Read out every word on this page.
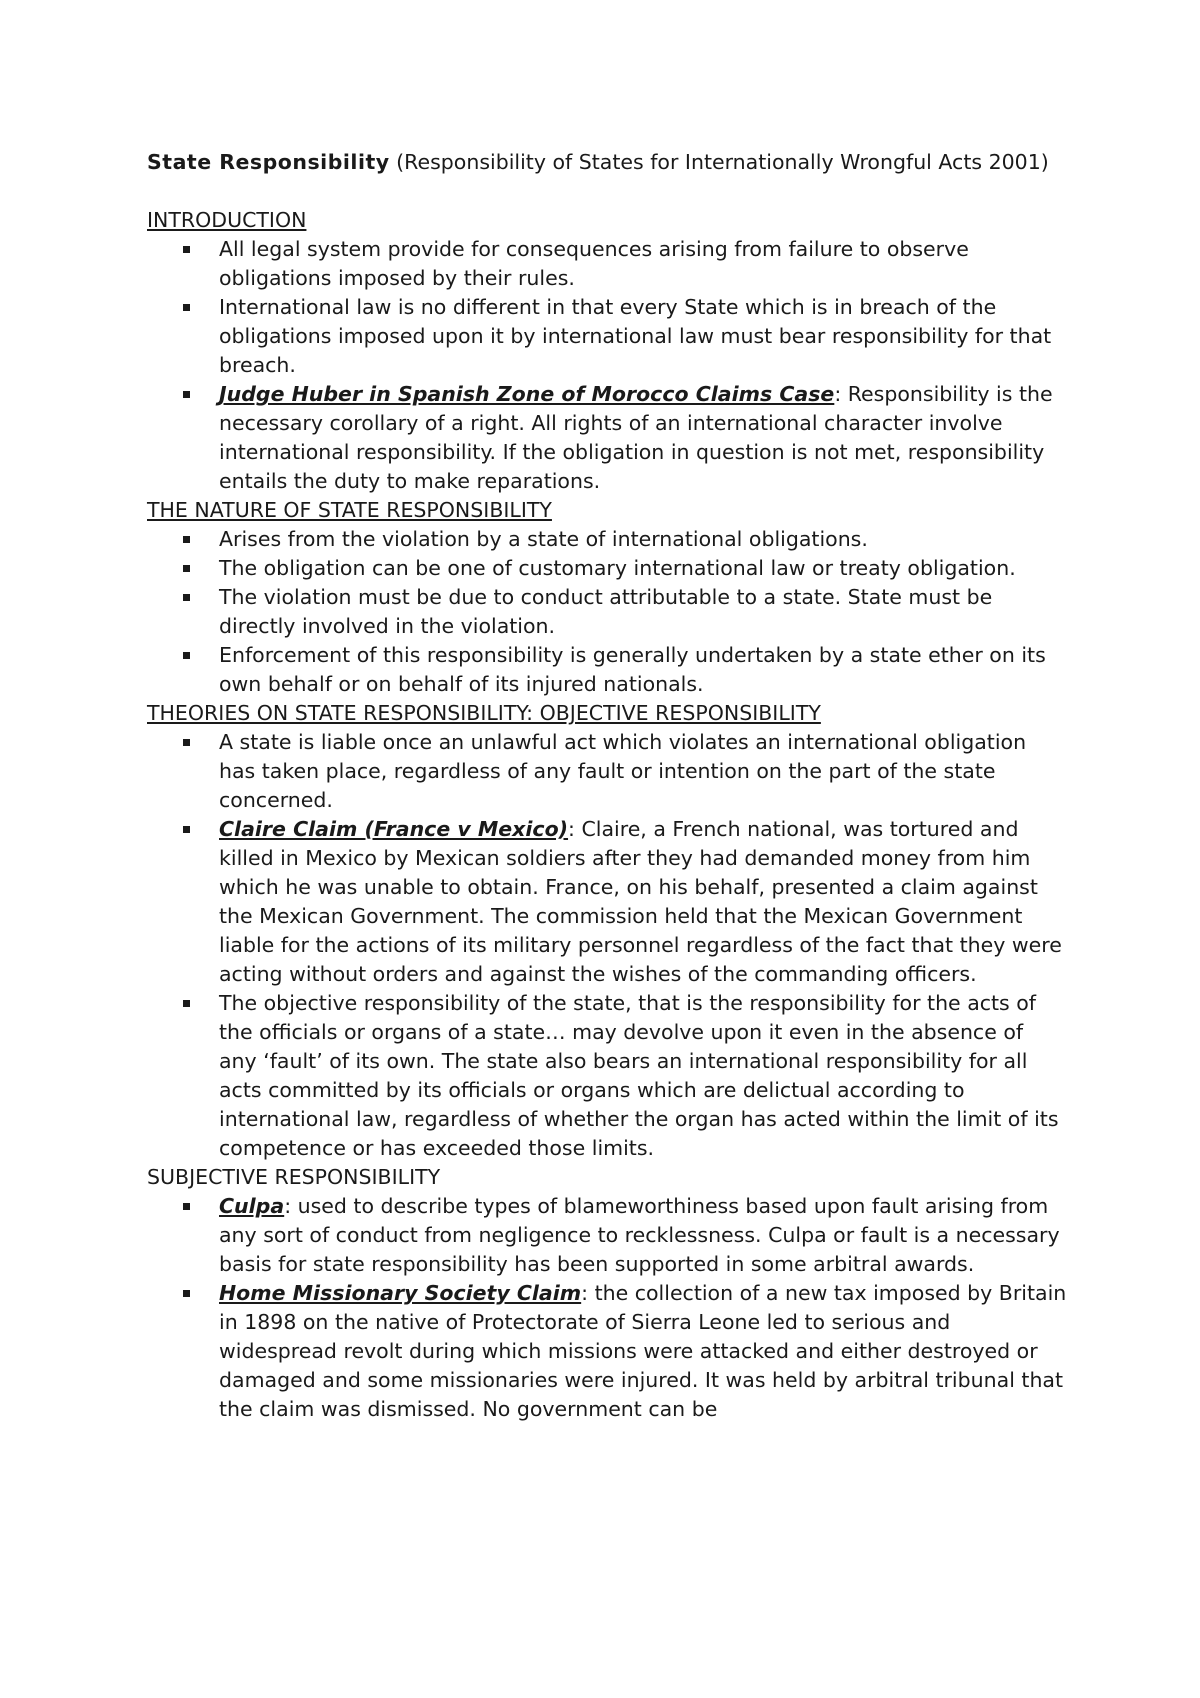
State Responsibility (Responsibility of States for Internationally Wrongful Acts 2001)

INTRODUCTION

All legal system provide for consequences arising from failure to observe obligations imposed by their rules.
International law is no different in that every State which is in breach of the obligations imposed upon it by international law must bear responsibility for that breach.
Judge Huber in Spanish Zone of Morocco Claims Case: Responsibility is the necessary corollary of a right. All rights of an international character involve international responsibility. If the obligation in question is not met, responsibility entails the duty to make reparations.

THE NATURE OF STATE RESPONSIBILITY

Arises from the violation by a state of international obligations.
The obligation can be one of customary international law or treaty obligation.
The violation must be due to conduct attributable to a state. State must be directly involved in the violation.
Enforcement of this responsibility is generally undertaken by a state ether on its own behalf or on behalf of its injured nationals.

THEORIES ON STATE RESPONSIBILITY: OBJECTIVE RESPONSIBILITY

A state is liable once an unlawful act which violates an international obligation has taken place, regardless of any fault or intention on the part of the state concerned.
Claire Claim (France v Mexico): Claire, a French national, was tortured and killed in Mexico by Mexican soldiers after they had demanded money from him which he was unable to obtain. France, on his behalf, presented a claim against the Mexican Government. The commission held that the Mexican Government liable for the actions of its military personnel regardless of the fact that they were acting without orders and against the wishes of the commanding officers.
The objective responsibility of the state, that is the responsibility for the acts of the officials or organs of a state… may devolve upon it even in the absence of any ‘fault’ of its own. The state also bears an international responsibility for all acts committed by its officials or organs which are delictual according to international law, regardless of whether the organ has acted within the limit of its competence or has exceeded those limits.

SUBJECTIVE RESPONSIBILITY

Culpa: used to describe types of blameworthiness based upon fault arising from any sort of conduct from negligence to recklessness. Culpa or fault is a necessary basis for state responsibility has been supported in some arbitral awards.
Home Missionary Society Claim: the collection of a new tax imposed by Britain in 1898 on the native of Protectorate of Sierra Leone led to serious and widespread revolt during which missions were attacked and either destroyed or damaged and some missionaries were injured. It was held by arbitral tribunal that the claim was dismissed. No government can be
